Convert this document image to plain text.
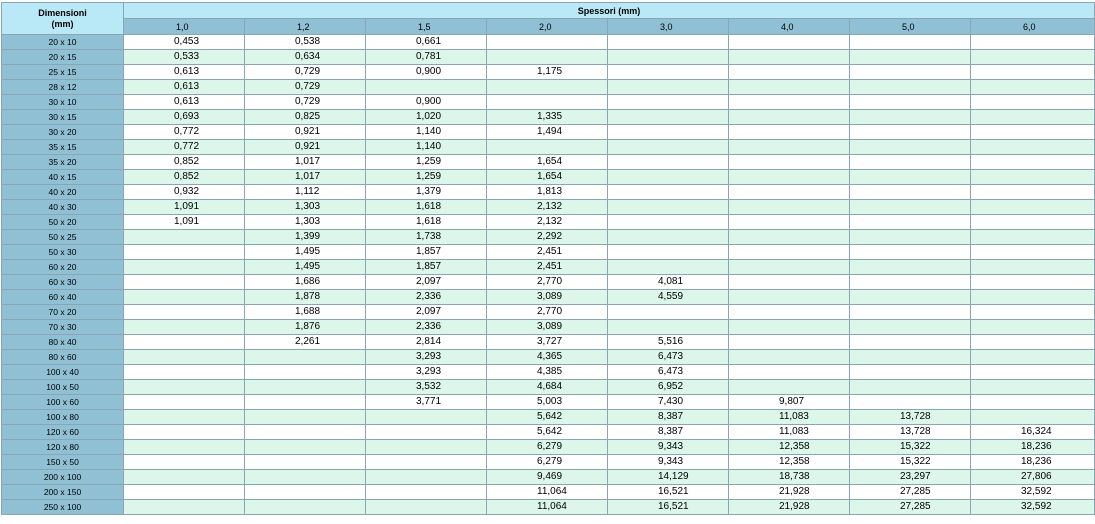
Dimensioni
(mm)	Spessori (mm)							
	1,0	1,2	1,5	2,0	3,0	4,0	5,0	6,0
20 x 10	0,453	0,538	0,661					
20 x 15	0,533	0,634	0,781					
25 x 15	0,613	0,729	0,900	1,175				
28 x 12	0,613	0,729						
30 x 10	0,613	0,729	0,900					
30 x 15	0,693	0,825	1,020	1,335				
30 x 20	0,772	0,921	1,140	1,494				
35 x 15	0,772	0,921	1,140					
35 x 20	0,852	1,017	1,259	1,654				
40 x 15	0,852	1,017	1,259	1,654				
40 x 20	0,932	1,112	1,379	1,813				
40 x 30	1,091	1,303	1,618	2,132				
50 x 20	1,091	1,303	1,618	2,132				
50 x 25		1,399	1,738	2,292				
50 x 30		1,495	1,857	2,451				
60 x 20		1,495	1,857	2,451				
60 x 30		1,686	2,097	2,770	4,081			
60 x 40		1,878	2,336	3,089	4,559			
70 x 20		1,688	2,097	2,770				
70 x 30		1,876	2,336	3,089				
80 x 40		2,261	2,814	3,727	5,516			
80 x 60			3,293	4,365	6,473			
100 x 40			3,293	4,385	6,473			
100 x 50			3,532	4,684	6,952			
100 x 60			3,771	5,003	7,430	9,807		
100 x 80				5,642	8,387	11,083	13,728	
120 x 60				5,642	8,387	11,083	13,728	16,324
120 x 80				6,279	9,343	12,358	15,322	18,236
150 x 50				6,279	9,343	12,358	15,322	18,236
200 x 100				9,469	14,129	18,738	23,297	27,806
200 x 150				11,064	16,521	21,928	27,285	32,592
250 x 100				11,064	16,521	21,928	27,285	32,592
